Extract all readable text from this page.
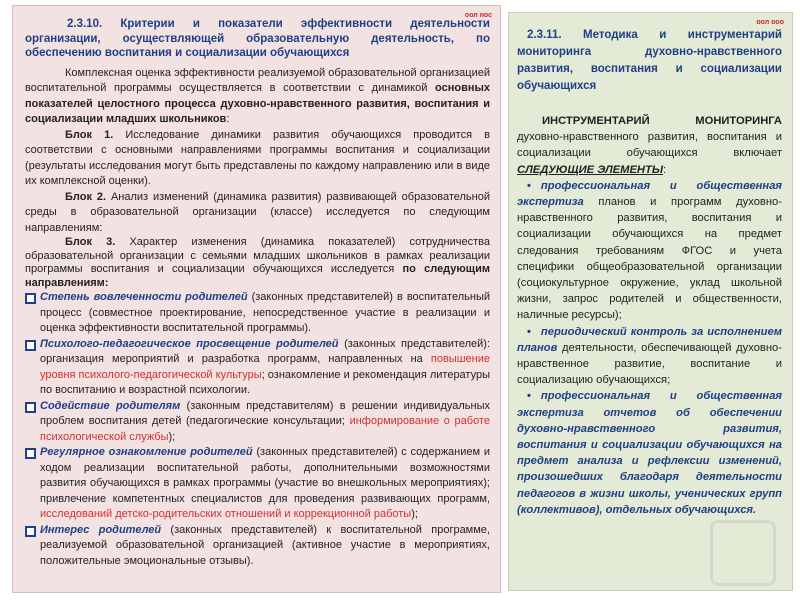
оол нос
2.3.10. Критерии и показатели эффективности деятельности организации, осуществляющей образовательную деятельность, по обеспечению воспитания и социализации обучающихся

Комплексная оценка эффективности реализуемой образовательной организацией воспитательной программы осуществляется в соответствии с динамикой основных показателей целостного процесса духовно-нравственного развития, воспитания и социализации младших школьников:

Блок 1. Исследование динамики развития обучающихся проводится в соответствии с основными направлениями программы воспитания и социализации (результаты исследования могут быть представлены по каждому направлению или в виде их комплексной оценки).

Блок 2. Анализ изменений (динамика развития) развивающей образовательной среды в образовательной организации (классе) исследуется по следующим направлениям:

Блок 3. Характер изменения (динамика показателей) сотрудничества образовательной организации с семьями младших школьников в рамках реализации программы воспитания и социализации обучающихся исследуется по следующим направлениям:

Степень вовлеченности родителей (законных представителей) в воспитательный процесс (совместное проектирование, непосредственное участие в реализации и оценка эффективности воспитательной программы).

Психолого-педагогическое просвещение родителей (законных представителей): организация мероприятий и разработка программ, направленных на повышение уровня психолого-педагогической культуры; ознакомление и рекомендация литературы по воспитанию и возрастной психологии.

Содействие родителям (законным представителям) в решении индивидуальных проблем воспитания детей (педагогические консультации; информирование о работе психологической службы);

Регулярное ознакомление родителей (законных представителей) с содержанием и ходом реализации воспитательной работы, дополнительными возможностями развития обучающихся в рамках программы (участие во внешкольных мероприятиях); привлечение компетентных специалистов для проведения развивающих программ, исследований детско-родительских отношений и коррекционной работы);

Интерес родителей (законных представителей) к воспитательной программе, реализуемой образовательной организацией (активное участие в мероприятиях, положительные эмоциональные отзывы).

оол ооо
2.3.11. Методика и инструментарий мониторинга духовно-нравственного развития, воспитания и социализации обучающихся

ИНСТРУМЕНТАРИЙ МОНИТОРИНГА духовно-нравственного развития, воспитания и социализации обучающихся включает СЛЕДУЮЩИЕ ЭЛЕМЕНТЫ:

• профессиональная и общественная экспертиза планов и программ духовно-нравственного развития, воспитания и социализации обучающихся на предмет следования требованиям ФГОС и учета специфики общеобразовательной организации (социокультурное окружение, уклад школьной жизни, запрос родителей и общественности, наличные ресурсы);

• периодический контроль за исполнением планов деятельности, обеспечивающей духовно-нравственное развитие, воспитание и социализацию обучающихся;

• профессиональная и общественная экспертиза отчетов об обеспечении духовно-нравственного развития, воспитания и социализации обучающихся на предмет анализа и рефлексии изменений, произошедших благодаря деятельности педагогов в жизни школы, ученических групп (коллективов), отдельных обучающихся.
